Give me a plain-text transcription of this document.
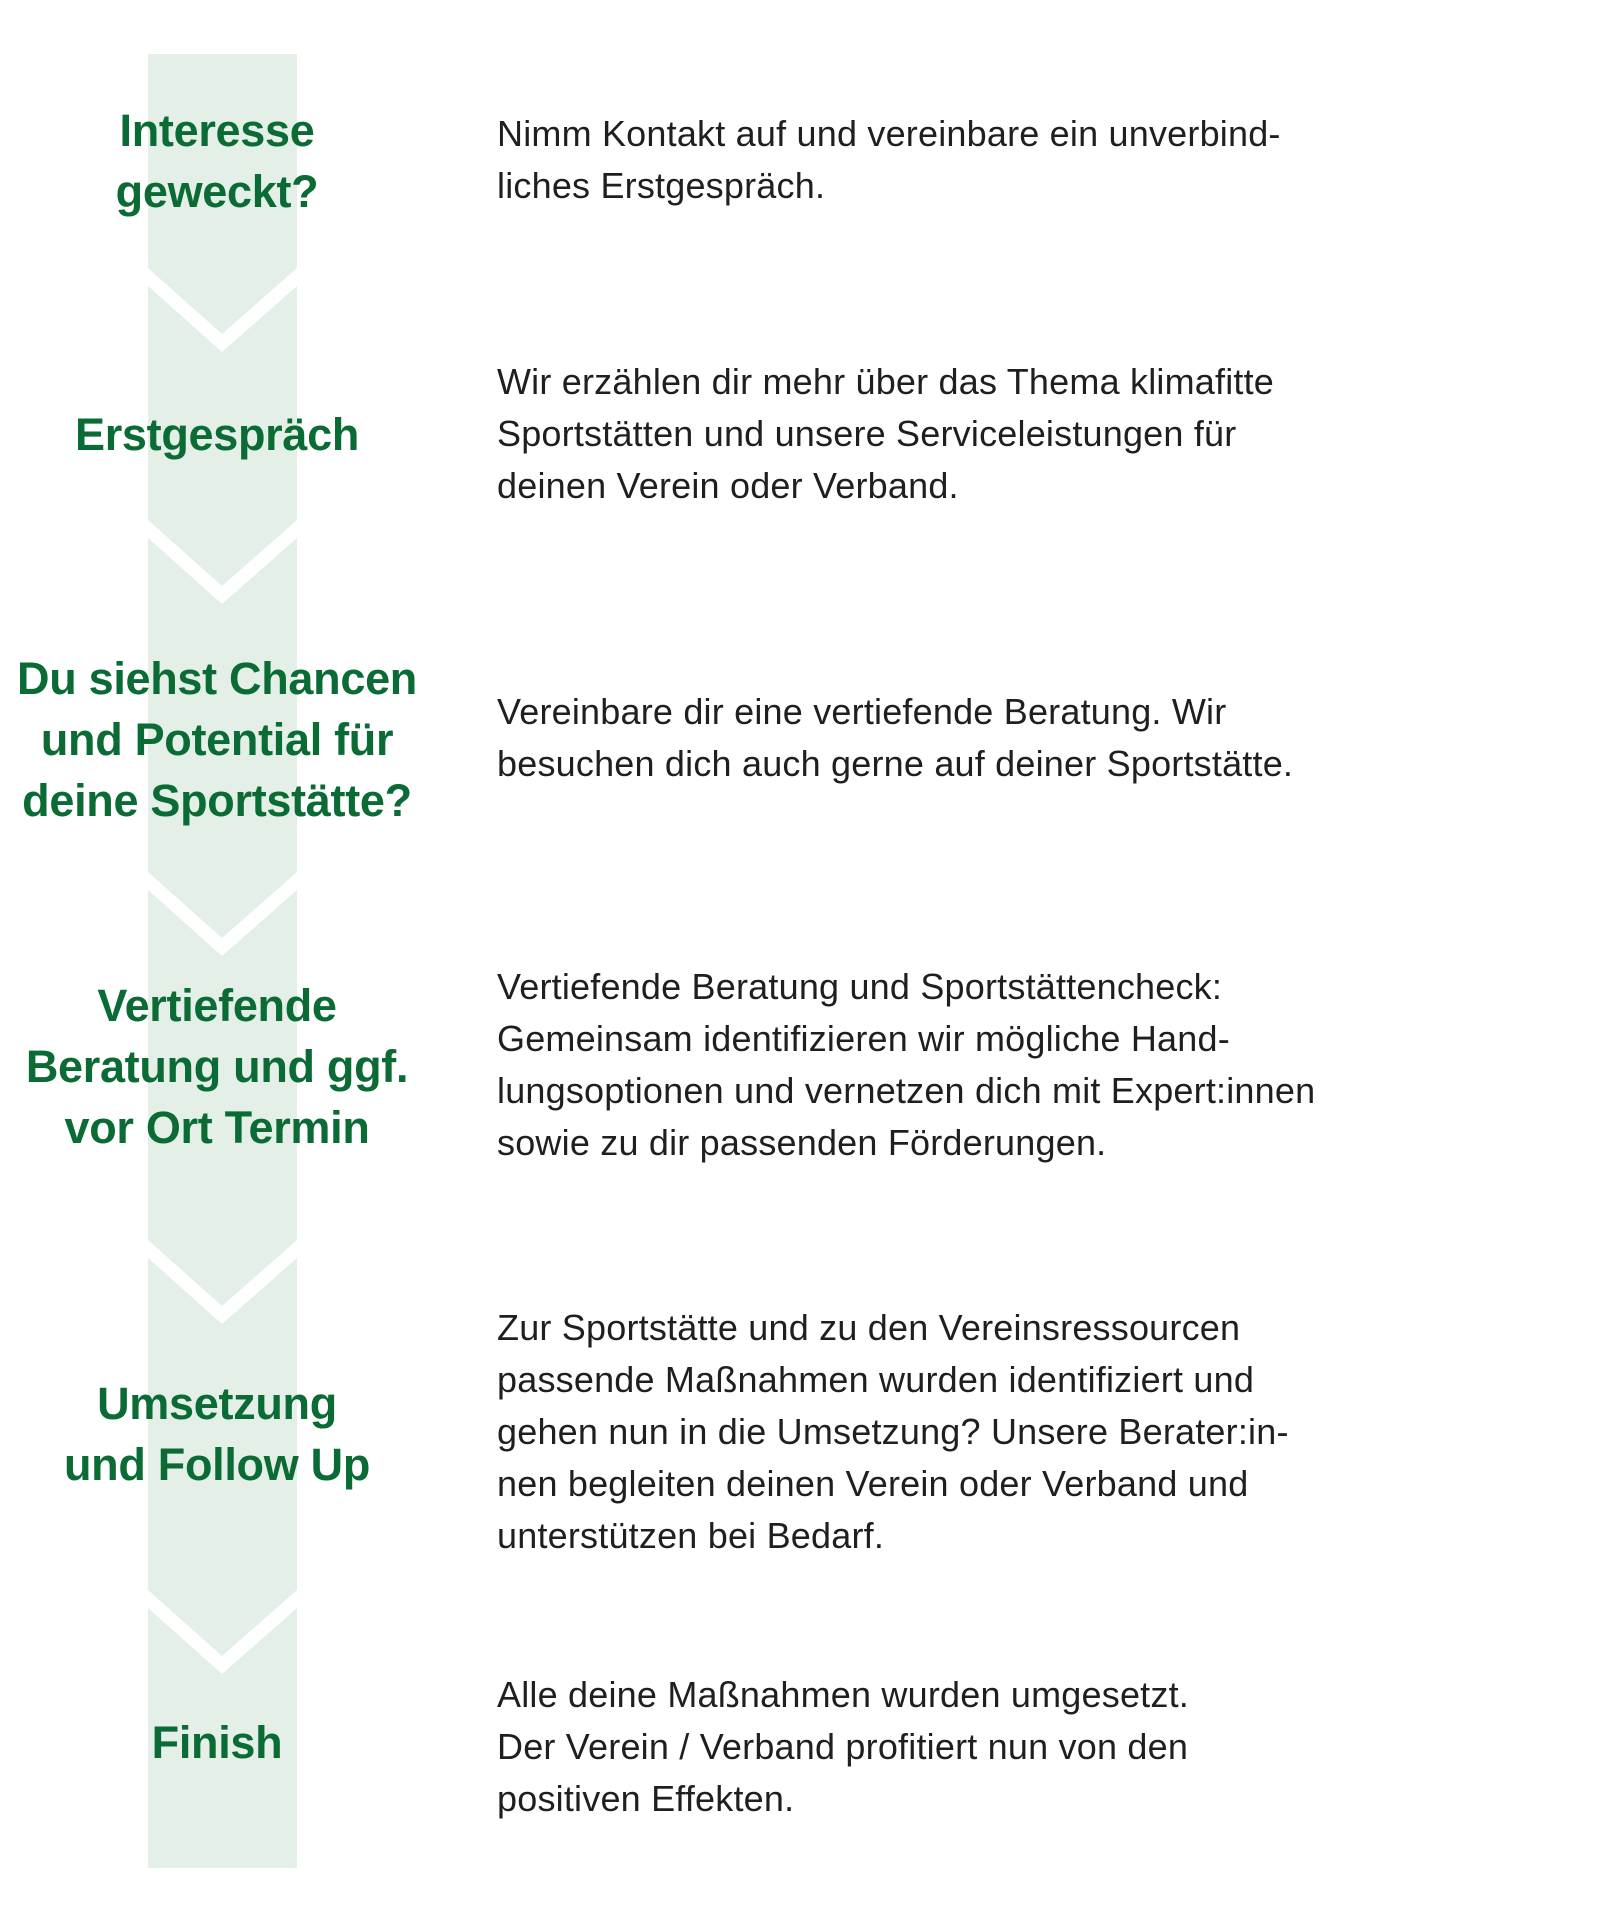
Interesse
geweckt?
Nimm Kontakt auf und vereinbare ein unverbind-
liches Erstgespräch.
Erstgespräch
Wir erzählen dir mehr über das Thema klimafitte
Sportstätten und unsere Serviceleistungen für
deinen Verein oder Verband.
Du siehst Chancen
und Potential für
deine Sportstätte?
Vereinbare dir eine vertiefende Beratung. Wir
besuchen dich auch gerne auf deiner Sportstätte.
Vertiefende
Beratung und ggf.
vor Ort Termin
Vertiefende Beratung und Sportstättencheck:
Gemeinsam identifizieren wir mögliche Hand-
lungsoptionen und vernetzen dich mit Expert:innen
sowie zu dir passenden Förderungen.
Umsetzung
und Follow Up
Zur Sportstätte und zu den Vereinsressourcen
passende Maßnahmen wurden identifiziert und
gehen nun in die Umsetzung? Unsere Berater:in-
nen begleiten deinen Verein oder Verband und
unterstützen bei Bedarf.
Finish
Alle deine Maßnahmen wurden umgesetzt.
Der Verein / Verband profitiert nun von den
positiven Effekten.
